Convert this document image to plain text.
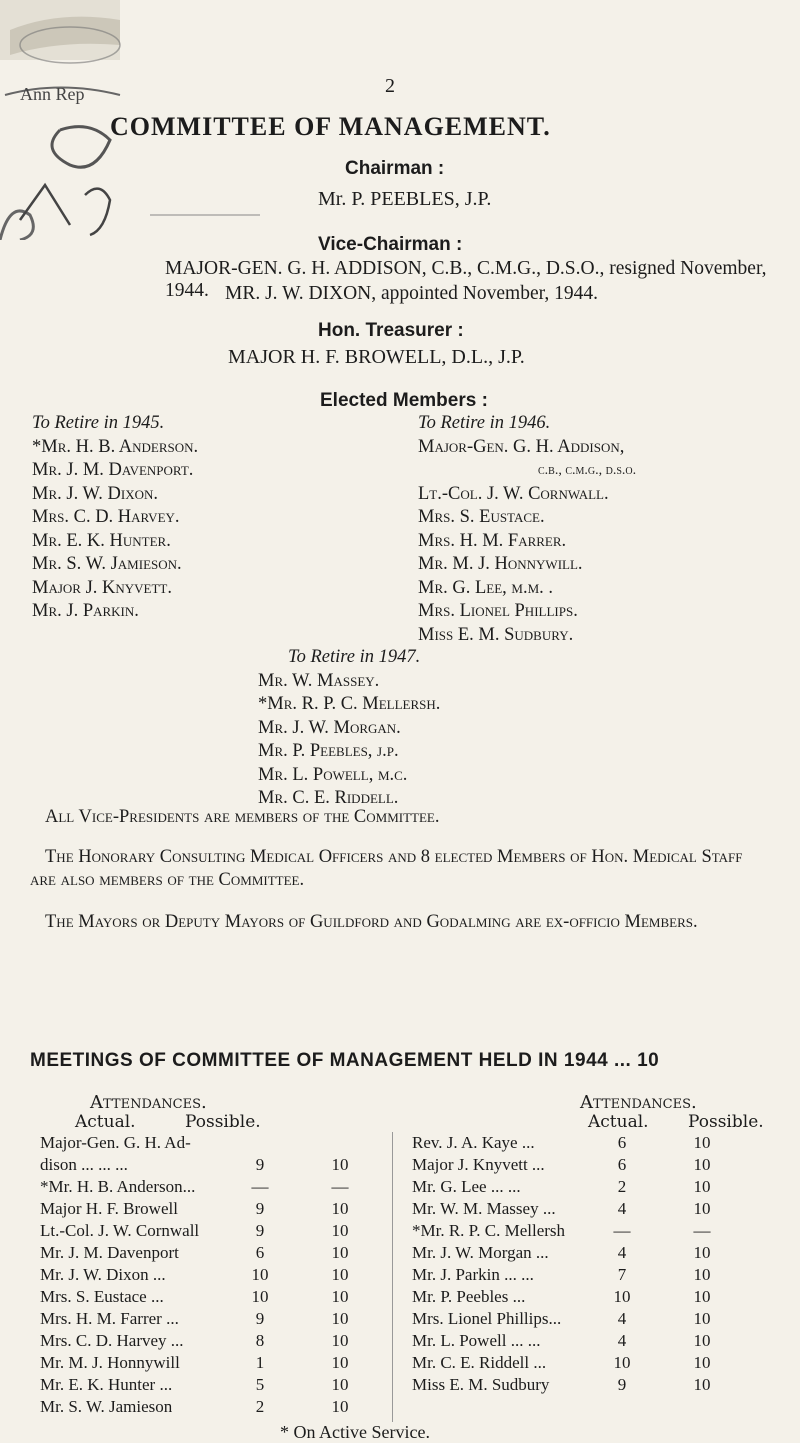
Ann Rep	2
COMMITTEE OF MANAGEMENT.
Chairman :
Mr. P. PEEBLES, J.P.
Vice-Chairman :
MAJOR-GEN. G. H. ADDISON, C.B., C.M.G., D.S.O., resigned November, 1944. MR. J. W. DIXON, appointed November, 1944.
Hon. Treasurer :
MAJOR H. F. BROWELL, D.L., J.P.
Elected Members :
To Retire in 1945.
*Mr. H. B. Anderson.
Mr. J. M. Davenport.
Mr. J. W. Dixon.
Mrs. C. D. Harvey.
Mr. E. K. Hunter.
Mr. S. W. Jamieson.
Major J. Knyvett.
Mr. J. Parkin.
To Retire in 1946.
Major-Gen. G. H. Addison,
c.b., c.m.g., d.s.o.
Lt.-Col. J. W. Cornwall.
Mrs. S. Eustace.
Mrs. H. M. Farrer.
Mr. M. J. Honnywill.
Mr. G. Lee, m.m. .
Mrs. Lionel Phillips.
Miss E. M. Sudbury.
To Retire in 1947.
Mr. W. Massey.
*Mr. R. P. C. Mellersh.
Mr. J. W. Morgan.
Mr. P. Peebles, j.p.
Mr. L. Powell, m.c.
Mr. C. E. Riddell.
All Vice-Presidents are members of the Committee.
The Honorary Consulting Medical Officers and 8 elected Members of Hon. Medical Staff are also members of the Committee.
The Mayors or Deputy Mayors of Guildford and Godalming are ex-officio Members.
MEETINGS OF COMMITTEE OF MANAGEMENT HELD IN 1944 ... 10
Attendances.
Actual.	Possible.
Attendances.
Actual. Possible.
Major-Gen. G. H. Ad-		
dison ... ... ...	9	10
*Mr. H. B. Anderson...	—	—
Major H. F. Browell	9	10
Lt.-Col. J. W. Cornwall	9	10
Mr. J. M. Davenport	6	10
Mr. J. W. Dixon ...	10	10
Mrs. S. Eustace ...	10	10
Mrs. H. M. Farrer ...	9	10
Mrs. C. D. Harvey ...	8	10
Mr. M. J. Honnywill	1	10
Mr. E. K. Hunter ...	5	10
Mr. S. W. Jamieson	2	10
Rev. J. A. Kaye ...	6	10
Major J. Knyvett ...	6	10
Mr. G. Lee ... ...	2	10
Mr. W. M. Massey ...	4	10
*Mr. R. P. C. Mellersh	—	—
Mr. J. W. Morgan ...	4	10
Mr. J. Parkin ... ...	7	10
Mr. P. Peebles ...	10	10
Mrs. Lionel Phillips...	4	10
Mr. L. Powell ... ...	4	10
Mr. C. E. Riddell ...	10	10
Miss E. M. Sudbury	9	10
* On Active Service.
